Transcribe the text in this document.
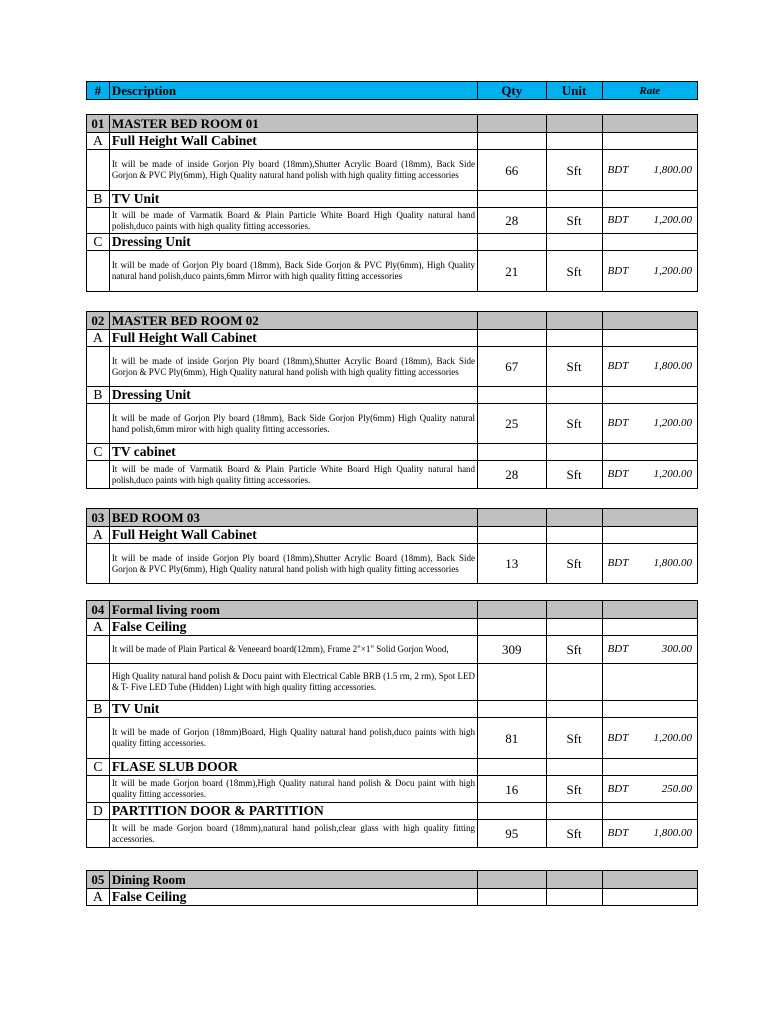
#	Description	Qty	Unit	Rate
01	MASTER BED ROOM 01			
A	Full Height Wall Cabinet			
	It will be made of inside Gorjon Ply board (18mm),Shutter Acrylic Board (18mm), Back Side Gorjon & PVC Ply(6mm), High Quality natural hand polish with high quality fitting accessories	66	Sft	BDT 1,800.00

B	TV Unit			
	It will be made of Varmatik Board & Plain Particle White Board High Quality natural hand polish,duco paints with high quality fitting accessories.	28	Sft	BDT 1,200.00

C	Dressing Unit			
	It will be made of Gorjon Ply board (18mm), Back Side Gorjon & PVC Ply(6mm), High Quality natural hand polish,duco paints,6mm Mirror with high quality fitting accessories	21	Sft	BDT 1,200.00
02	MASTER BED ROOM 02			
A	Full Height Wall Cabinet			
	It will be made of inside Gorjon Ply board (18mm),Shutter Acrylic Board (18mm), Back Side Gorjon & PVC Ply(6mm), High Quality natural hand polish with high quality fitting accessories	67	Sft	BDT 1,800.00

B	Dressing Unit			
	It will be made of Gorjon Ply board (18mm), Back Side Gorjon Ply(6mm) High Quality natural hand polish,6mm miror with high quality fitting accessories.	25	Sft	BDT 1,200.00

C	TV cabinet			
	It will be made of Varmatik Board & Plain Particle White Board High Quality natural hand polish,duco paints with high quality fitting accessories.	28	Sft	BDT 1,200.00
03	BED ROOM 03			
A	Full Height Wall Cabinet			
	It will be made of inside Gorjon Ply board (18mm),Shutter Acrylic Board (18mm), Back Side Gorjon & PVC Ply(6mm), High Quality natural hand polish with high quality fitting accessories	13	Sft	BDT 1,800.00
04	Formal living room			
A	False Ceiling			
	It will be made of Plain Partical & Veneeard board(12mm), Frame 2"×1" Solid Gorjon Wood,	309	Sft	BDT 300.00

	High Quality natural hand polish & Docu paint with Electrical Cable BRB (1.5 rm, 2 rm), Spot LED & T- Five LED Tube (Hidden) Light with high quality fitting accessories.			

B	TV Unit			
	It will be made of Gorjon (18mm)Board, High Quality natural hand polish,duco paints with high quality fitting accessories.	81	Sft	BDT 1,200.00

C	FLASE SLUB DOOR			
	It will be made Gorjon board (18mm),High Quality natural hand polish & Docu paint with high quality fitting accessories.	16	Sft	BDT 250.00

D	PARTITION DOOR & PARTITION			
	It will be made Gorjon board (18mm),natural hand polish,clear glass with high quality fitting accessories.	95	Sft	BDT 1,800.00
05	Dining Room			
A	False Ceiling			
